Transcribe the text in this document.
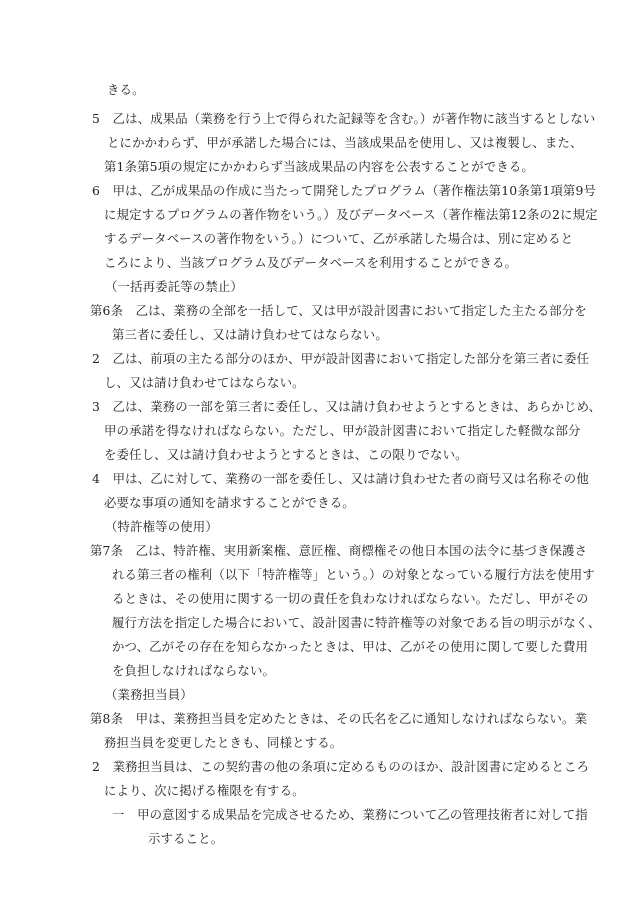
きる。
5　乙は、成果品（業務を行う上で得られた記録等を含む。）が著作物に該当するとしない
とにかかわらず、甲が承諾した場合には、当該成果品を使用し、又は複製し、また、
第1条第5項の規定にかかわらず当該成果品の内容を公表することができる。
6　甲は、乙が成果品の作成に当たって開発したプログラム（著作権法第10条第1項第9号
に規定するプログラムの著作物をいう。）及びデータベース（著作権法第12条の2に規定
するデータベースの著作物をいう。）について、乙が承諾した場合は、別に定めると
ころにより、当該プログラム及びデータベースを利用することができる。
（一括再委託等の禁止）
第6条　乙は、業務の全部を一括して、又は甲が設計図書において指定した主たる部分を
第三者に委任し、又は請け負わせてはならない。
2　乙は、前項の主たる部分のほか、甲が設計図書において指定した部分を第三者に委任
し、又は請け負わせてはならない。
3　乙は、業務の一部を第三者に委任し、又は請け負わせようとするときは、あらかじめ、
甲の承諾を得なければならない。ただし、甲が設計図書において指定した軽微な部分
を委任し、又は請け負わせようとするときは、この限りでない。
4　甲は、乙に対して、業務の一部を委任し、又は請け負わせた者の商号又は名称その他
必要な事項の通知を請求することができる。
（特許権等の使用）
第7条　乙は、特許権、実用新案権、意匠権、商標権その他日本国の法令に基づき保護さ
れる第三者の権利（以下「特許権等」という。）の対象となっている履行方法を使用す
るときは、その使用に関する一切の責任を負わなければならない。ただし、甲がその
履行方法を指定した場合において、設計図書に特許権等の対象である旨の明示がなく、
かつ、乙がその存在を知らなかったときは、甲は、乙がその使用に関して要した費用
を負担しなければならない。
（業務担当員）
第8条　甲は、業務担当員を定めたときは、その氏名を乙に通知しなければならない。業
務担当員を変更したときも、同様とする。
2　業務担当員は、この契約書の他の条項に定めるもののほか、設計図書に定めるところ
により、次に掲げる権限を有する。
一　甲の意図する成果品を完成させるため、業務について乙の管理技術者に対して指
示すること。
